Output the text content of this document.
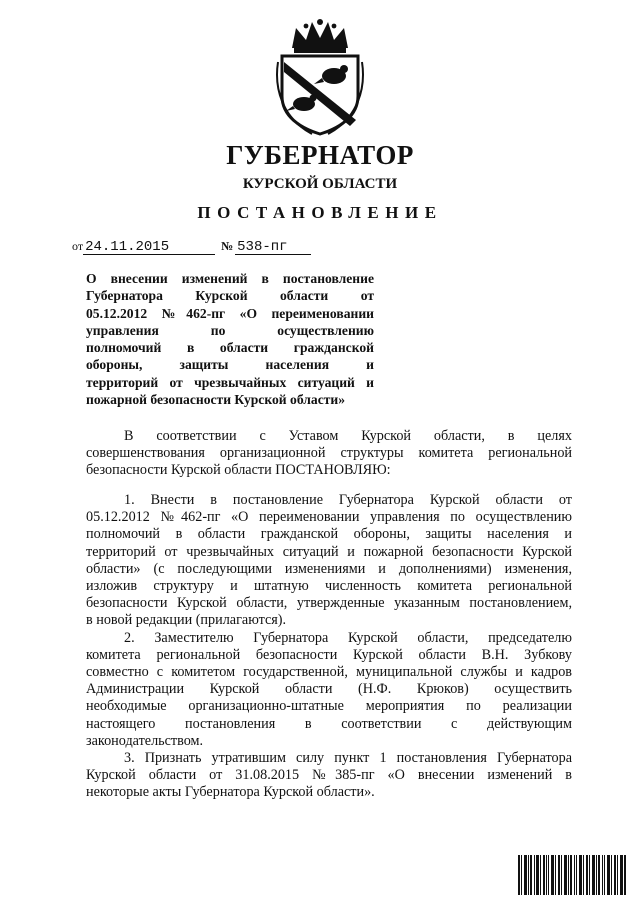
ГУБЕРНАТОР
КУРСКОЙ ОБЛАСТИ
ПОСТАНОВЛЕНИЕ
от 24.11.2015	№ 538-пг
О внесении изменений в постановление
Губернатора Курской области от
05.12.2012 №462-пг «О переименовании
управления по осуществлению
полномочий в области гражданской
обороны, защиты населения и
территорий от чрезвычайных ситуаций и
пожарной безопасности Курской области»
В соответствии с Уставом Курской области, в целях
совершенствования организационной структуры комитета региональной
безопасности Курской области ПОСТАНОВЛЯЮ:
1. Внести в постановление Губернатора Курской области от
05.12.2012 №462-пг «О переименовании управления по осуществлению
полномочий в области гражданской обороны, защиты населения и
территорий от чрезвычайных ситуаций и пожарной безопасности Курской
области» (с последующими изменениями и дополнениями) изменения,
изложив структуру и штатную численность комитета региональной
безопасности Курской области, утвержденные указанным постановлением,
в новой редакции (прилагаются).
2. Заместителю Губернатора Курской области, председателю
комитета региональной безопасности Курской области В.Н. Зубкову
совместно с комитетом государственной, муниципальной службы и кадров
Администрации Курской области (Н.Ф. Крюков) осуществить
необходимые организационно-штатные мероприятия по реализации
настоящего постановления в соответствии с действующим
законодательством.
3. Признать утратившим силу пункт 1 постановления Губернатора
Курской области от 31.08.2015 №385-пг «О внесении изменений в
некоторые акты Губернатора Курской области».
